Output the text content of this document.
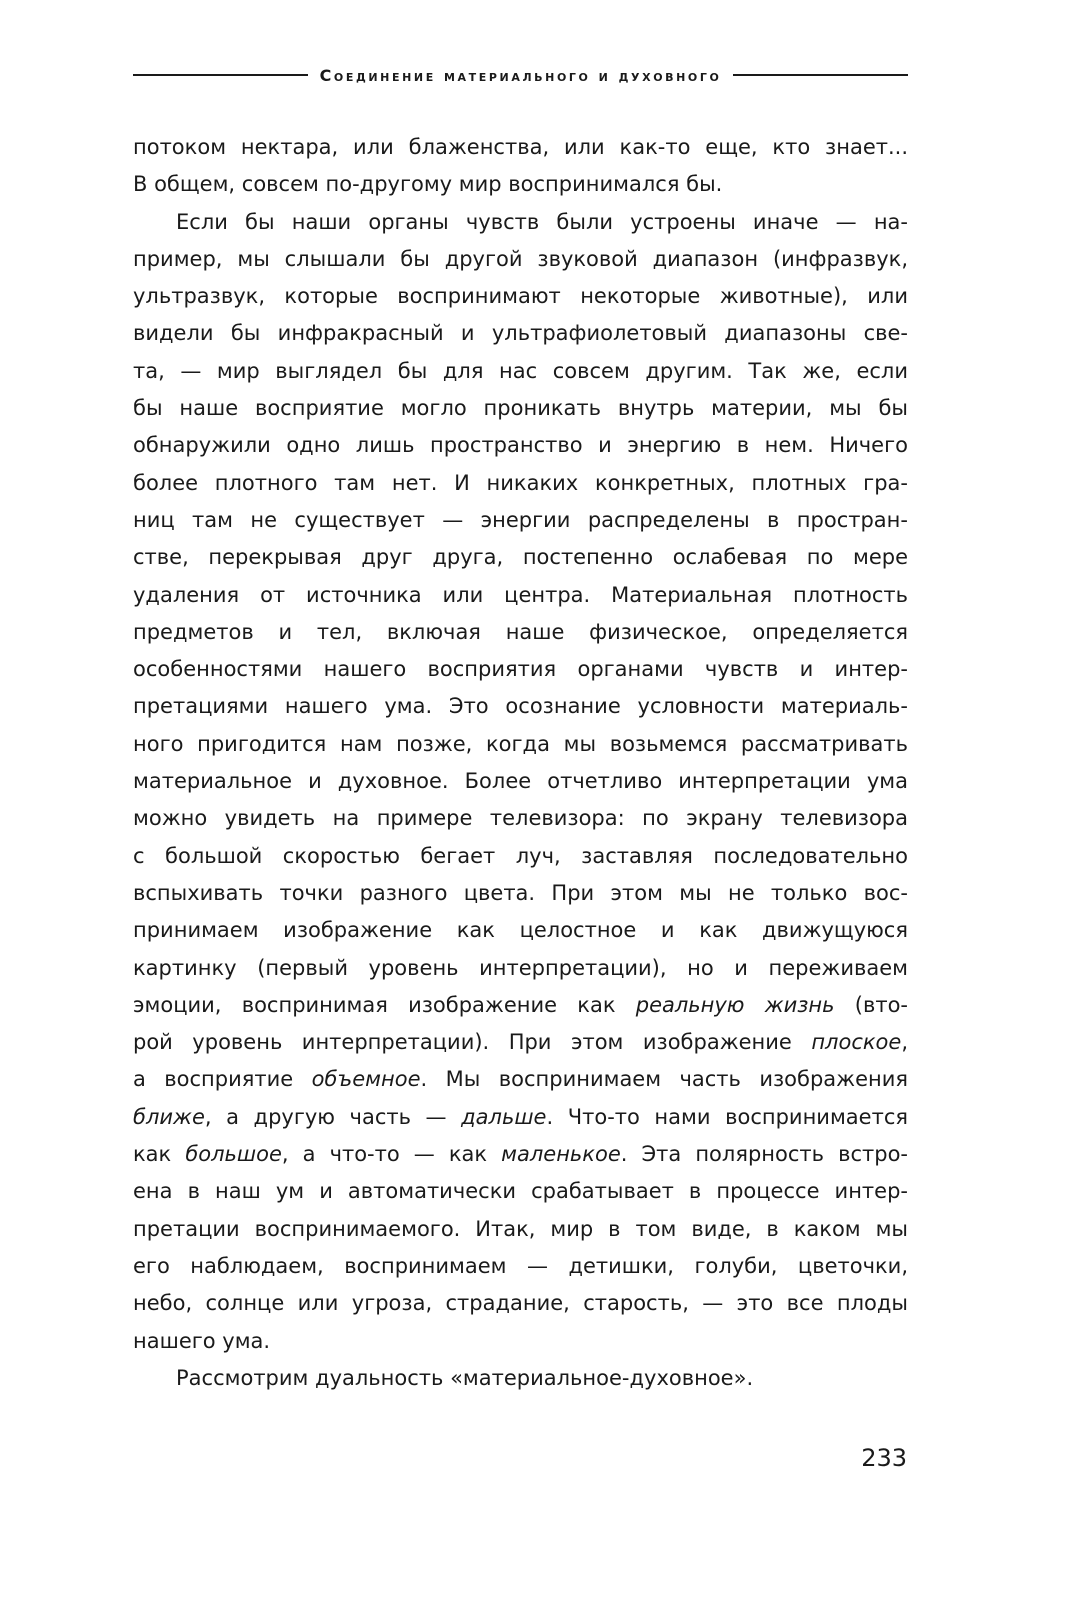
Соединение материального и духовного
потоком нектара, или блаженства, или как-то еще, кто знает...
В общем, совсем по-другому мир воспринимался бы.
Если бы наши органы чувств были устроены иначе — на-
пример, мы слышали бы другой звуковой диапазон (инфразвук,
ультразвук, которые воспринимают некоторые животные), или
видели бы инфракрасный и ультрафиолетовый диапазоны све-
та, — мир выглядел бы для нас совсем другим. Так же, если
бы наше восприятие могло проникать внутрь материи, мы бы
обнаружили одно лишь пространство и энергию в нем. Ничего
более плотного там нет. И никаких конкретных, плотных гра-
ниц там не существует — энергии распределены в простран-
стве, перекрывая друг друга, постепенно ослабевая по мере
удаления от источника или центра. Материальная плотность
предметов и тел, включая наше физическое, определяется
особенностями нашего восприятия органами чувств и интер-
претациями нашего ума. Это осознание условности материаль-
ного пригодится нам позже, когда мы возьмемся рассматривать
материальное и духовное. Более отчетливо интерпретации ума
можно увидеть на примере телевизора: по экрану телевизора
с большой скоростью бегает луч, заставляя последовательно
вспыхивать точки разного цвета. При этом мы не только вос-
принимаем изображение как целостное и как движущуюся
картинку (первый уровень интерпретации), но и переживаем
эмоции, воспринимая изображение как реальную жизнь (вто-
рой уровень интерпретации). При этом изображение плоское,
а восприятие объемное. Мы воспринимаем часть изображения
ближе, а другую часть — дальше. Что-то нами воспринимается
как большое, а что-то — как маленькое. Эта полярность встро-
ена в наш ум и автоматически срабатывает в процессе интер-
претации воспринимаемого. Итак, мир в том виде, в каком мы
его наблюдаем, воспринимаем — детишки, голуби, цветочки,
небо, солнце или угроза, страдание, старость, — это все плоды
нашего ума.
Рассмотрим дуальность «материальное-духовное».
233
